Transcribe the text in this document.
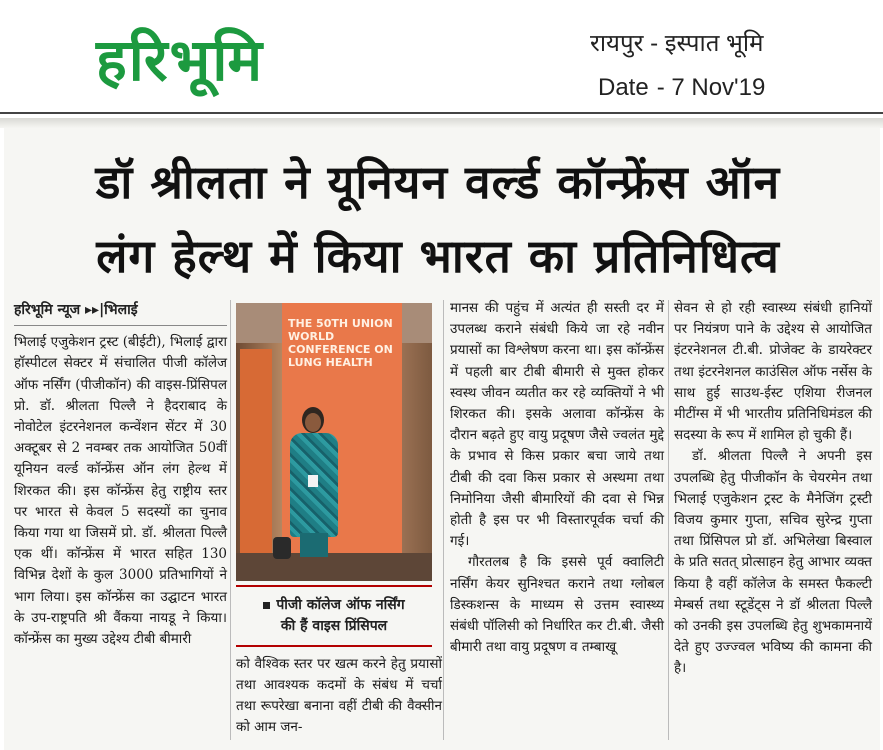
हरिभूमि	रायपुर - इस्पात भूमि
Date - 7 Nov'19
डॉ श्रीलता ने यूनियन वर्ल्ड कॉन्फ्रेंस ऑन
लंग हेल्थ में किया भारत का प्रतिनिधित्व
हरिभूमि न्यूज ▸▸|भिलाई

भिलाई एजुकेशन ट्रस्ट (बीईटी), भिलाई द्वारा हॉस्पीटल सेक्टर में संचालित पीजी कॉलेज ऑफ नर्सिंग (पीजीकॉन) की वाइस-प्रिंसिपल प्रो. डॉ. श्रीलता पिल्लै ने हैदराबाद के नोवोटेल इंटरनेशनल कन्वेंशन सेंटर में 30 अक्टूबर से 2 नवम्बर तक आयोजित 50वीं यूनियन वर्ल्ड कॉन्फ्रेंस ऑन लंग हेल्थ में शिरकत की। इस कॉन्फ्रेंस हेतु राष्ट्रीय स्तर पर भारत से केवल 5 सदस्यों का चुनाव किया गया था जिसमें प्रो. डॉ. श्रीलता पिल्लै एक थीं। कॉन्फ्रेंस में भारत सहित 130 विभिन्न देशों के कुल 3000 प्रतिभागियों ने भाग लिया। इस कॉन्फ्रेंस का उद्घाटन भारत के उप-राष्ट्रपति श्री वैंकया नायडू ने किया। कॉन्फ्रेंस का मुख्य उद्देश्य टीबी बीमारी

THE 50TH UNION WORLD CONFERENCE ON LUNG HEALTH
पीजी कॉलेज ऑफ नर्सिंग
की हैं वाइस प्रिंसिपल
को वैश्विक स्तर पर खत्म करने हेतु प्रयासों तथा आवश्यक कदमों के संबंध में चर्चा तथा रूपरेखा बनाना वहीं टीबी की वैक्सीन को आम जन-

मानस की पहुंच में अत्यंत ही सस्ती दर में उपलब्ध कराने संबंधी किये जा रहे नवीन प्रयासों का विश्लेषण करना था। इस कॉन्फ्रेंस में पहली बार टीबी बीमारी से मुक्त होकर स्वस्थ जीवन व्यतीत कर रहे व्यक्तियों ने भी शिरकत की। इसके अलावा कॉन्फ्रेंस के दौरान बढ़ते हुए वायु प्रदूषण जैसे ज्वलंत मुद्दे के प्रभाव से किस प्रकार बचा जाये तथा टीबी की दवा किस प्रकार से अस्थमा तथा निमोनिया जैसी बीमारियों की दवा से भिन्न होती है इस पर भी विस्तारपूर्वक चर्चा की गई।

गौरतलब है कि इससे पूर्व क्वालिटी नर्सिंग केयर सुनिश्चत कराने तथा ग्लोबल डिस्कशन्स के माध्यम से उत्तम स्वास्थ्य संबंधी पॉलिसी को निर्धारित कर टी.बी. जैसी बीमारी तथा वायु प्रदूषण व तम्बाखू

सेवन से हो रही स्वास्थ्य संबंधी हानियों पर नियंत्रण पाने के उद्देश्य से आयोजित इंटरनेशनल टी.बी. प्रोजेक्ट के डायरेक्टर तथा इंटरनेशनल काउंसिल ऑफ नर्सेस के साथ हुई साउथ-ईस्ट एशिया रीजनल मीटींग्स में भी भारतीय प्रतिनिधिमंडल की सदस्या के रूप में शामिल हो चुकी हैं।

डॉ. श्रीलता पिल्लै ने अपनी इस उपलब्धि हेतु पीजीकॉन के चेयरमेन तथा भिलाई एजुकेशन ट्रस्ट के मैनेजिंग ट्रस्टी विजय कुमार गुप्ता, सचिव सुरेन्द्र गुप्ता तथा प्रिंसिपल प्रो डॉ. अभिलेखा बिस्वाल के प्रति सतत् प्रोत्साहन हेतु आभार व्यक्त किया है वहीं कॉलेज के समस्त फैकल्टी मेम्बर्स तथा स्टूडेंट्स ने डॉ श्रीलता पिल्लै को उनकी इस उपलब्धि हेतु शुभकामनायें देते हुए उज्ज्वल भविष्य की कामना की है।
